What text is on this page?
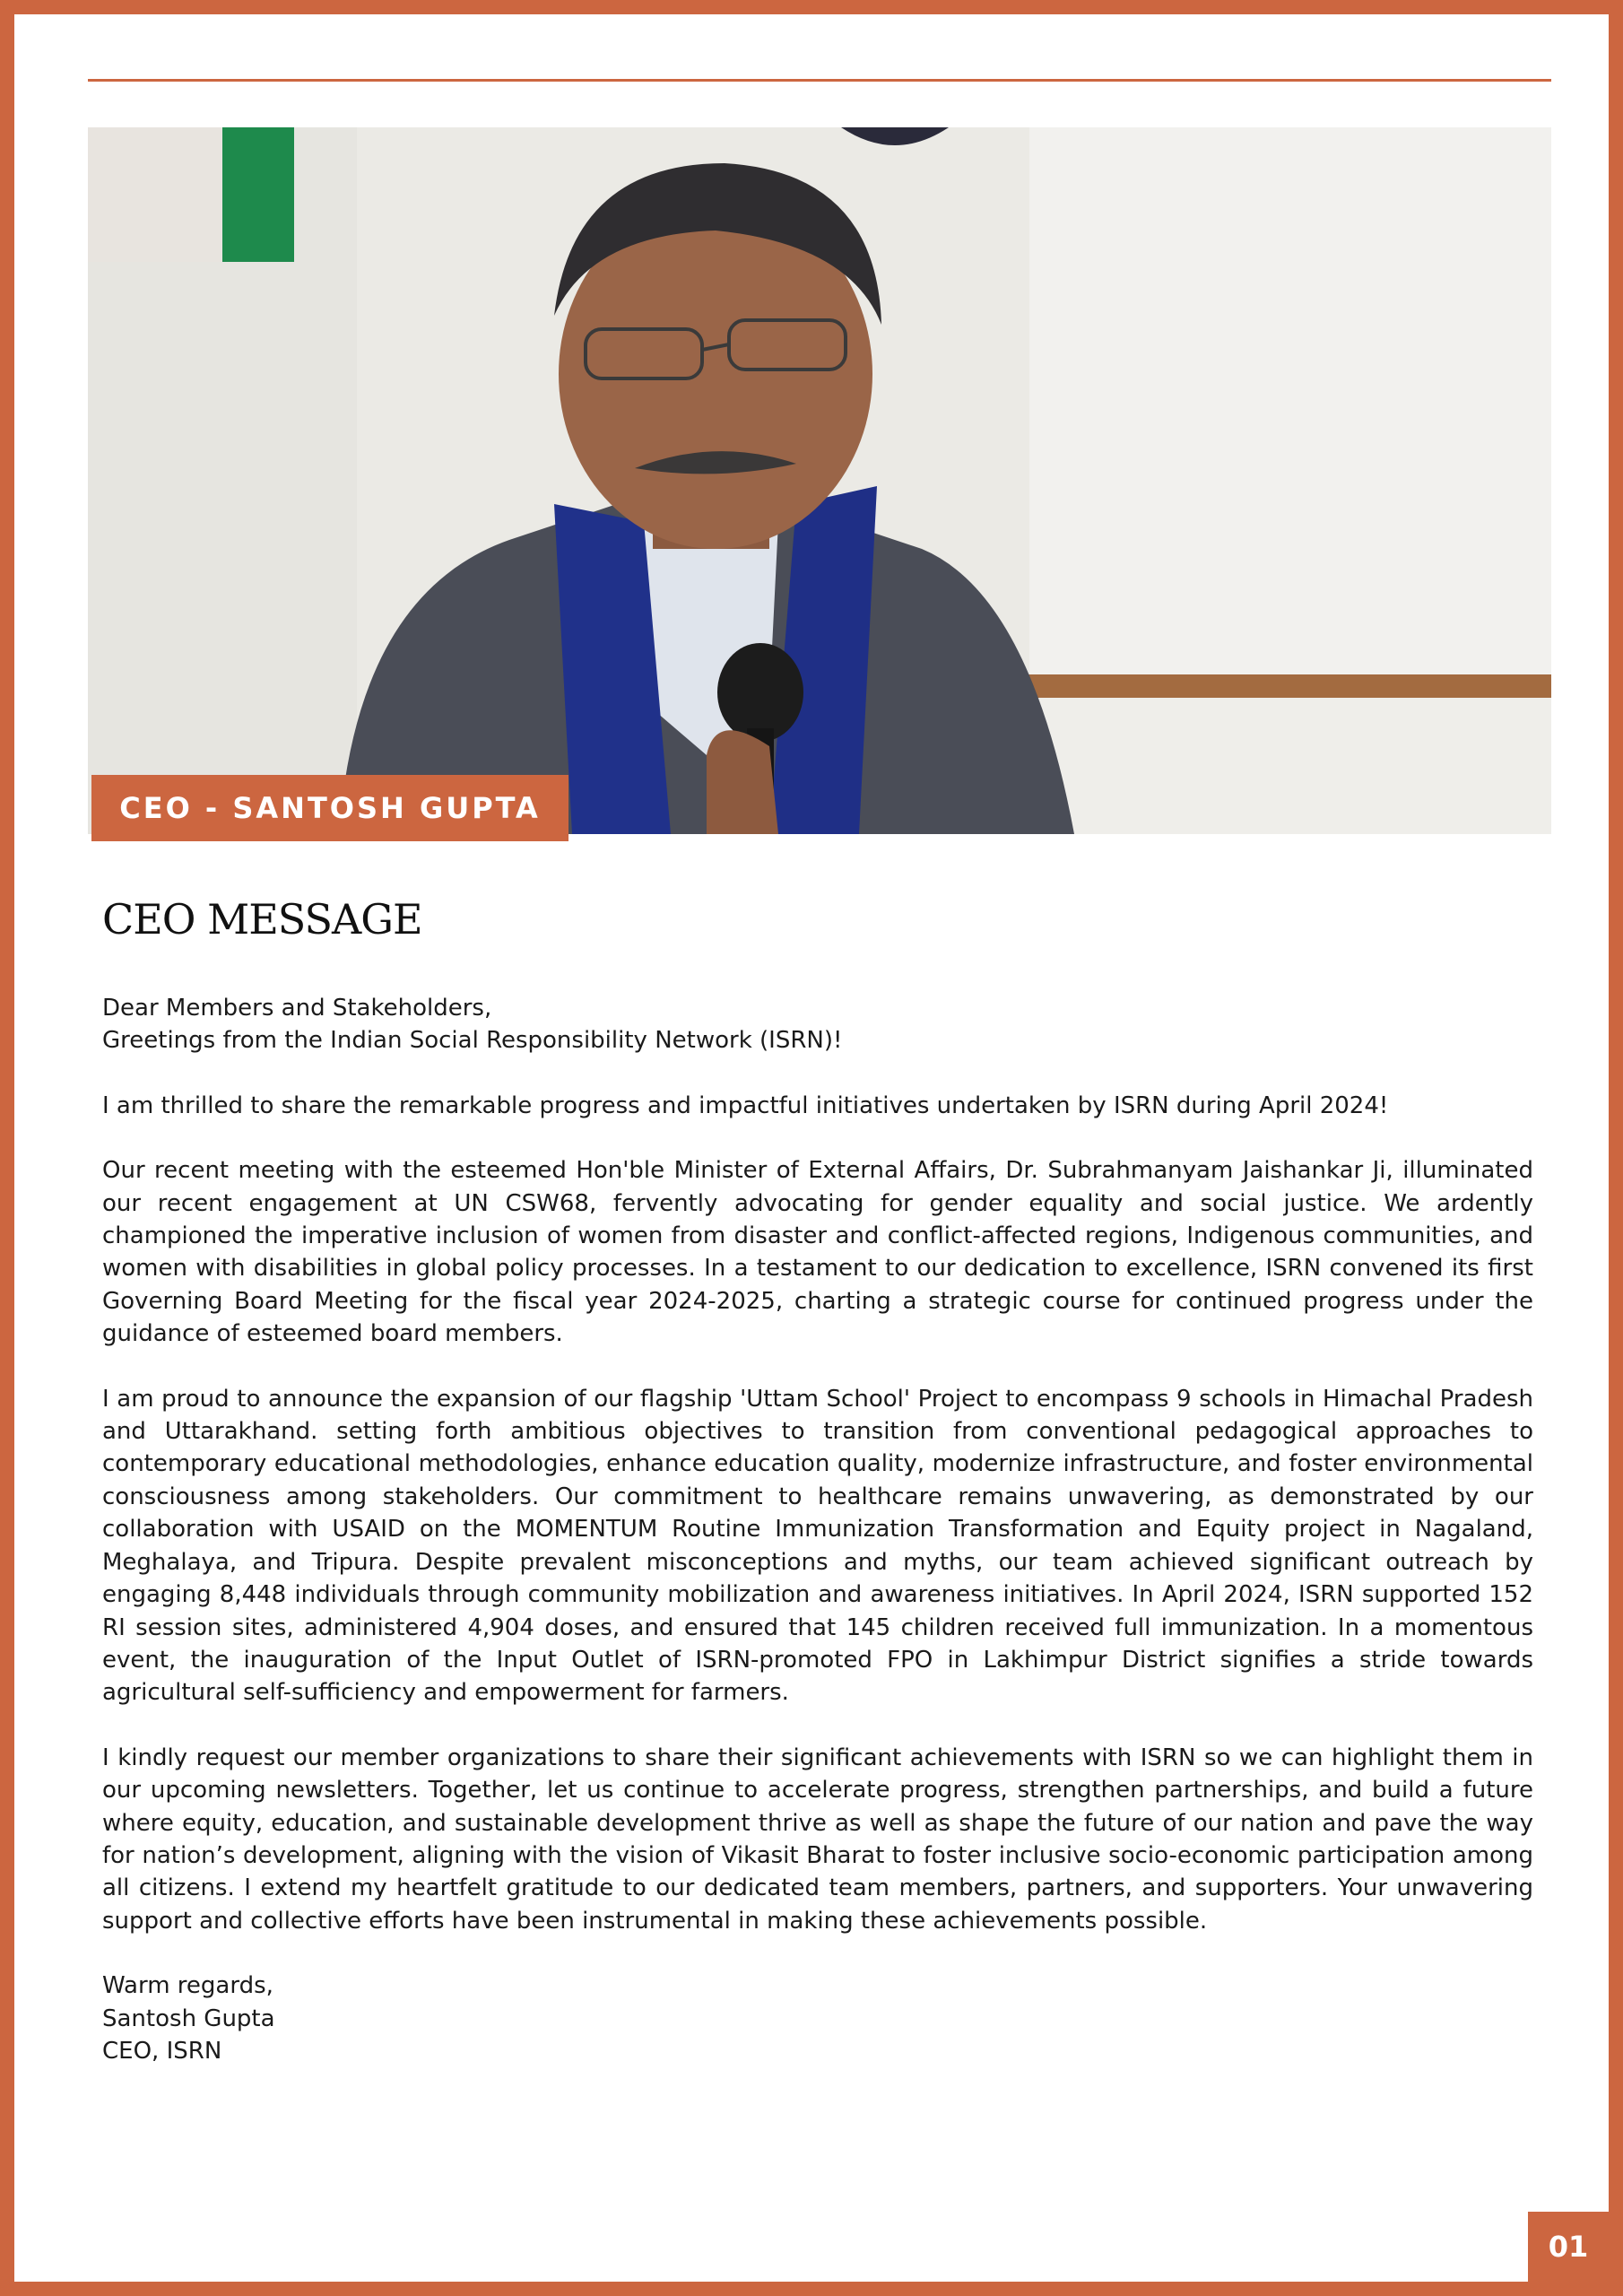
CEO - SANTOSH GUPTA
CEO MESSAGE

Dear Members and Stakeholders,
Greetings from the Indian Social Responsibility Network (ISRN)!

I am thrilled to share the remarkable progress and impactful initiatives undertaken by ISRN during April 2024!

Our recent meeting with the esteemed Hon'ble Minister of External Affairs, Dr. Subrahmanyam Jaishankar Ji, illuminated our recent engagement at UN CSW68, fervently advocating for gender equality and social justice. We ardently championed the imperative inclusion of women from disaster and conflict-affected regions, Indigenous communities, and women with disabilities in global policy processes. In a testament to our dedication to excellence, ISRN convened its first Governing Board Meeting for the fiscal year 2024-2025, charting a strategic course for continued progress under the guidance of esteemed board members.

I am proud to announce the expansion of our flagship 'Uttam School' Project to encompass 9 schools in Himachal Pradesh and Uttarakhand. setting forth ambitious objectives to transition from conventional pedagogical approaches to contemporary educational methodologies, enhance education quality, modernize infrastructure, and foster environmental consciousness among stakeholders. Our commitment to healthcare remains unwavering, as demonstrated by our collaboration with USAID on the MOMENTUM Routine Immunization Transformation and Equity project in Nagaland, Meghalaya, and Tripura. Despite prevalent misconceptions and myths, our team achieved significant outreach by engaging 8,448 individuals through community mobilization and awareness initiatives. In April 2024, ISRN supported 152 RI session sites, administered 4,904 doses, and ensured that 145 children received full immunization. In a momentous event, the inauguration of the Input Outlet of ISRN-promoted FPO in Lakhimpur District signifies a stride towards agricultural self-sufficiency and empowerment for farmers.

I kindly request our member organizations to share their significant achievements with ISRN so we can highlight them in our upcoming newsletters. Together, let us continue to accelerate progress, strengthen partnerships, and build a future where equity, education, and sustainable development thrive as well as shape the future of our nation and pave the way for nation’s development, aligning with the vision of Vikasit Bharat to foster inclusive socio-economic participation among all citizens. I extend my heartfelt gratitude to our dedicated team members, partners, and supporters. Your unwavering support and collective efforts have been instrumental in making these achievements possible.

Warm regards,
Santosh Gupta
CEO, ISRN

01
